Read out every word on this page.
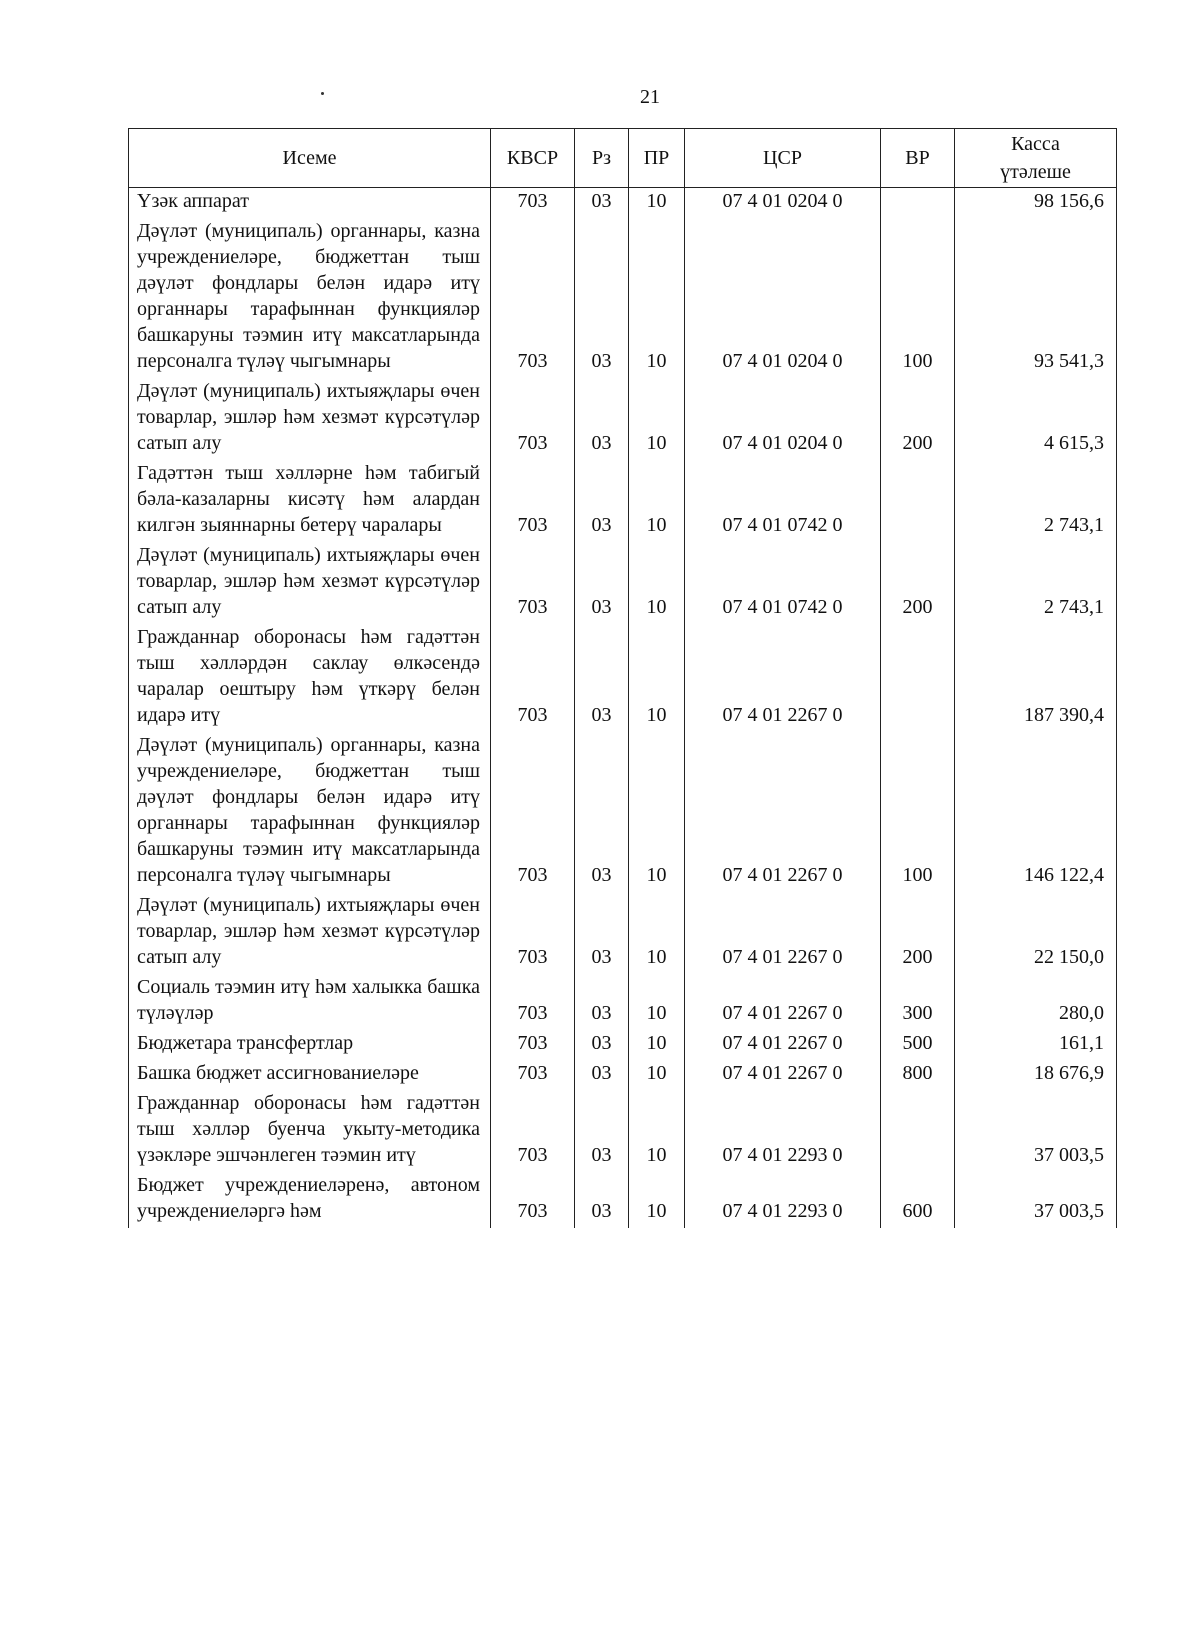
21
Исеме	КВСР	Рз	ПР	ЦСР	ВР	Касса
үтәлеше

Үзәк аппарат	703	03	10	07 4 01 0204 0		98 156,6
Дәүләт (муниципаль) органнары, казна учреждениеләре, бюджеттан тыш дәүләт фондлары белән идарә итү органнары тарафыннан функцияләр башкаруны тәэмин итү максатларында персоналга түләү чыгымнары	703	03	10	07 4 01 0204 0	100	93 541,3
Дәүләт (муниципаль) ихтыяҗлары өчен товарлар, эшләр һәм хезмәт күрсәтүләр сатып алу	703	03	10	07 4 01 0204 0	200	4 615,3
Гадәттән тыш хәлләрне һәм табигый бәла-казаларны кисәтү һәм алардан килгән зыяннарны бетерү чаралары	703	03	10	07 4 01 0742 0		2 743,1
Дәүләт (муниципаль) ихтыяҗлары өчен товарлар, эшләр һәм хезмәт күрсәтүләр сатып алу	703	03	10	07 4 01 0742 0	200	2 743,1
Гражданнар оборонасы һәм гадәттән тыш хәлләрдән саклау өлкәсендә чаралар оештыру һәм үткәрү белән идарә итү	703	03	10	07 4 01 2267 0		187 390,4
Дәүләт (муниципаль) органнары, казна учреждениеләре, бюджеттан тыш дәүләт фондлары белән идарә итү органнары тарафыннан функцияләр башкаруны тәэмин итү максатларында персоналга түләү чыгымнары	703	03	10	07 4 01 2267 0	100	146 122,4
Дәүләт (муниципаль) ихтыяҗлары өчен товарлар, эшләр һәм хезмәт күрсәтүләр сатып алу	703	03	10	07 4 01 2267 0	200	22 150,0
Социаль тәэмин итү һәм халыкка башка түләүләр	703	03	10	07 4 01 2267 0	300	280,0
Бюджетара трансфертлар	703	03	10	07 4 01 2267 0	500	161,1
Башка бюджет ассигнованиеләре	703	03	10	07 4 01 2267 0	800	18 676,9
Гражданнар оборонасы һәм гадәттән тыш хәлләр буенча укыту-методика үзәкләре эшчәнлеген тәэмин итү	703	03	10	07 4 01 2293 0		37 003,5
Бюджет учреждениеләренә, автоном учреждениеләргә һәм	703	03	10	07 4 01 2293 0	600	37 003,5
